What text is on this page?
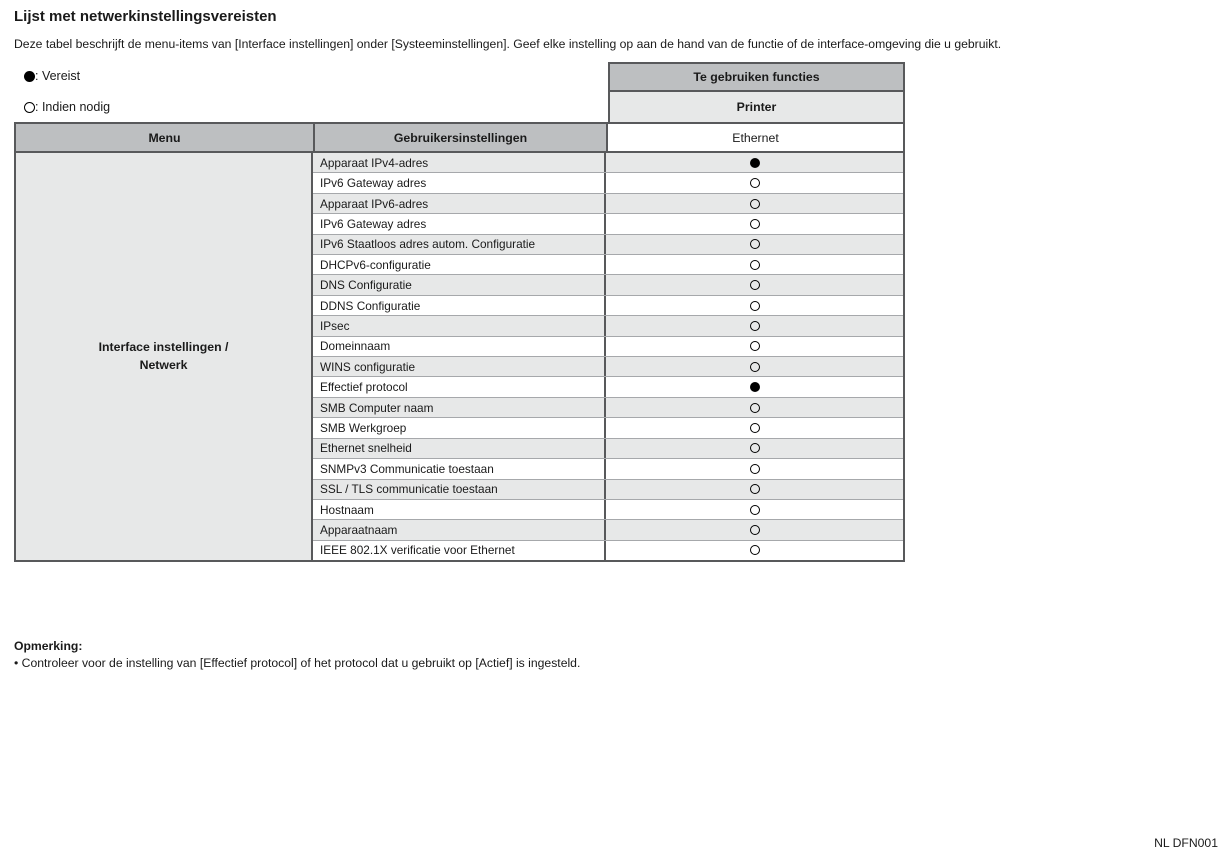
Lijst met netwerkinstellingsvereisten
Deze tabel beschrijft de menu-items van [Interface instellingen] onder [Systeeminstellingen]. Geef elke instelling op aan de hand van de functie of de interface-omgeving die u gebruikt.
: Vereist
: Indien nodig
Te gebruiken functies
Printer
Menu	Gebruikersinstellingen	Ethernet
Interface instellingen /
Netwerk
Apparaat IPv4-adres
IPv6 Gateway adres
Apparaat IPv6-adres
IPv6 Gateway adres
IPv6 Staatloos adres autom. Configuratie
DHCPv6-configuratie
DNS Configuratie
DDNS Configuratie
IPsec
Domeinnaam
WINS configuratie
Effectief protocol
SMB Computer naam
SMB Werkgroep
Ethernet snelheid
SNMPv3 Communicatie toestaan
SSL / TLS communicatie toestaan
Hostnaam
Apparaatnaam
IEEE 802.1X verificatie voor Ethernet
Opmerking:
• Controleer voor de instelling van [Effectief protocol] of het protocol dat u gebruikt op [Actief] is ingesteld.
NL DFN001
